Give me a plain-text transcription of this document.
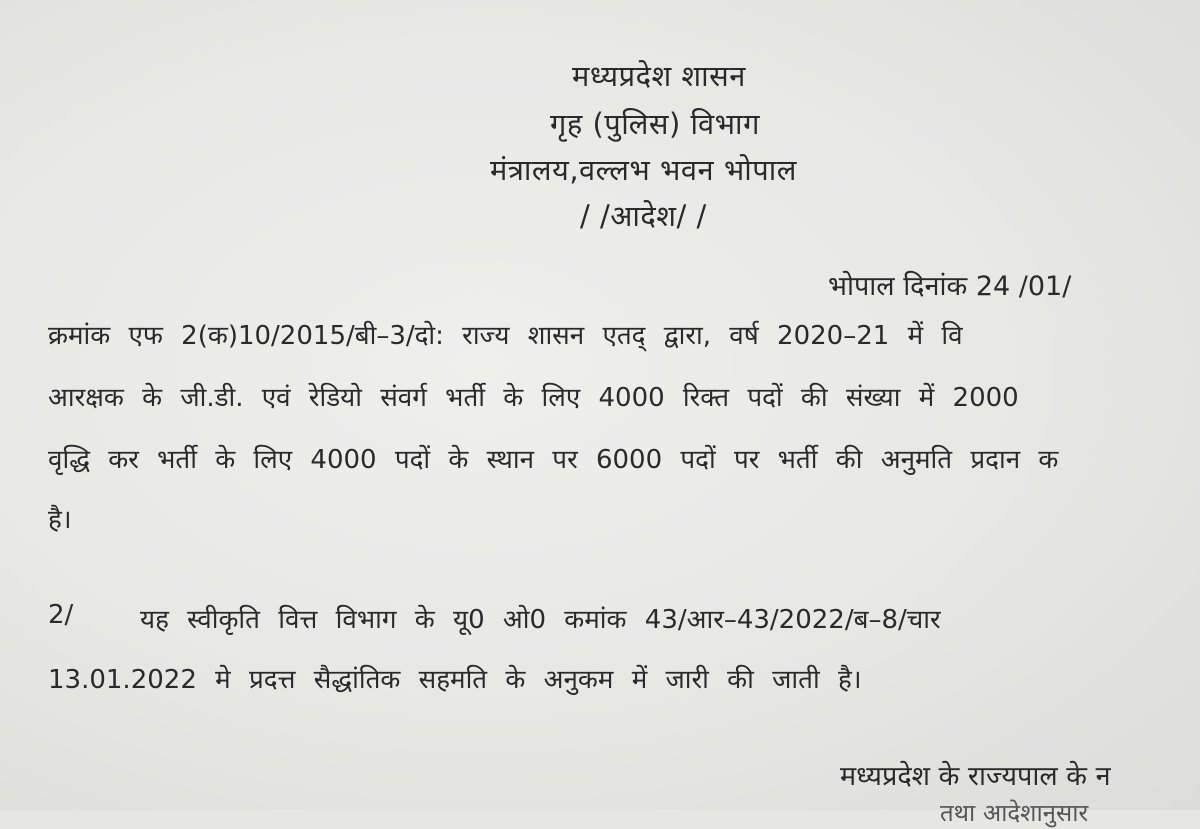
मध्यप्रदेश शासन
गृह (पुलिस) विभाग
मंत्रालय,वल्लभ भवन भोपाल
/ /आदेश/ /
भोपाल दिनांक 24 /01/
क्रमांक एफ 2(क)10/2015/बी–3/दो: राज्य शासन एतद् द्वारा, वर्ष 2020–21 में वि
आरक्षक के जी.डी. एवं रेडियो संवर्ग भर्ती के लिए 4000 रिक्त पदों की संख्या में 2000
वृद्धि कर भर्ती के लिए 4000 पदों के स्थान पर 6000 पदों पर भर्ती की अनुमति प्रदान क
है।
2/	यह स्वीकृति वित्त विभाग के यू0 ओ0 कमांक 43/आर–43/2022/ब–8/चार
13.01.2022 मे प्रदत्त सैद्धांतिक सहमति के अनुकम में जारी की जाती है।
मध्यप्रदेश के राज्यपाल के न
तथा आदेशानुसार
